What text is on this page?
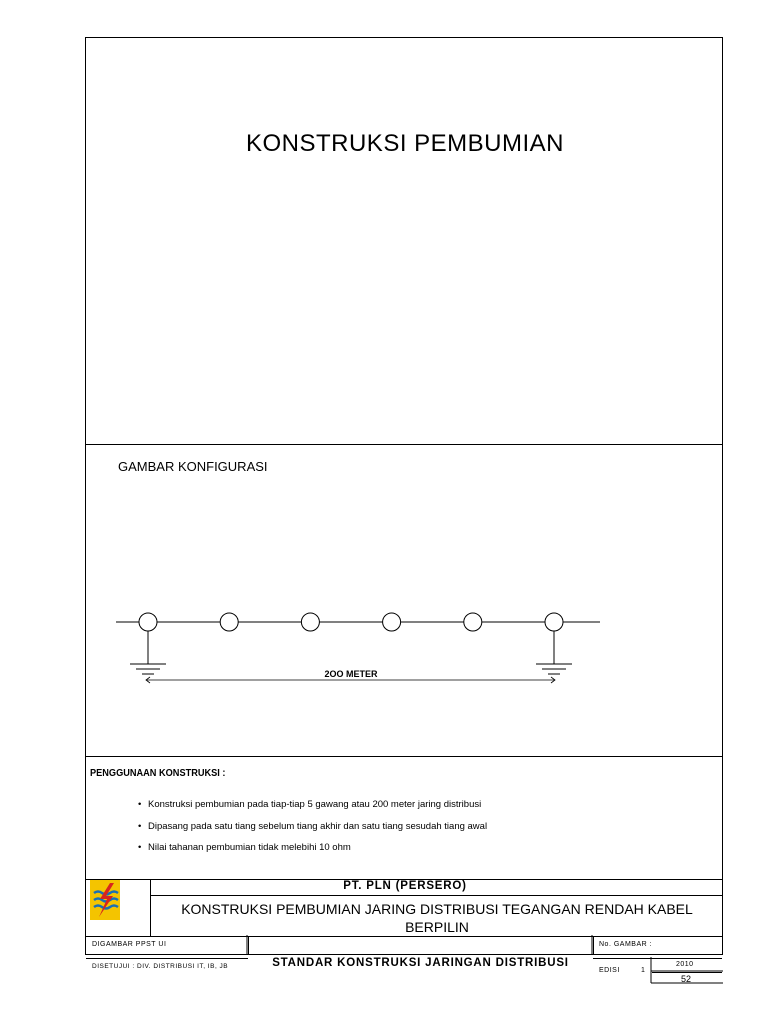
KONSTRUKSI PEMBUMIAN
GAMBAR KONFIGURASI
PENGGUNAAN KONSTRUKSI :
• Konstruksi pembumian pada tiap-tiap 5 gawang atau 200 meter jaring distribusi
• Dipasang pada satu tiang sebelum tiang akhir dan satu tiang sesudah tiang awal
• Nilai tahanan pembumian tidak melebihi 10 ohm
PT. PLN (PERSERO)
KONSTRUKSI PEMBUMIAN JARING DISTRIBUSI TEGANGAN RENDAH KABEL BERPILIN
DIGAMBAR PPST UI
DISETUJUI : DIV. DISTRIBUSI IT, IB, JB	STANDAR KONSTRUKSI JARINGAN DISTRIBUSI
No. GAMBAR :
EDISI	1
2010
52
2OO METER
